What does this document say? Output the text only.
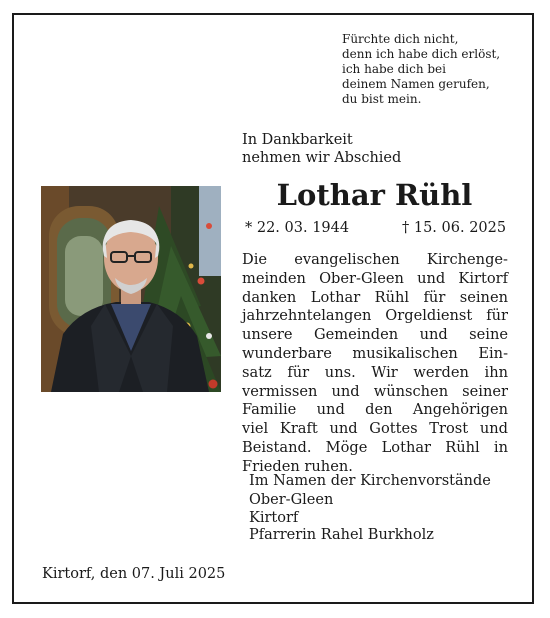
Fürchte dich nicht,
denn ich habe dich erlöst,
ich habe dich bei
deinem Namen gerufen,
du bist mein.

In Dankbarkeit
nehmen wir Abschied

Lothar Rühl
* 22. 03. 1944	† 15. 06. 2025

Die evangelischen Kirchenge-
meinden Ober-Gleen und Kirtorf
danken Lothar Rühl für seinen
jahrzehntelangen Orgeldienst für
unsere Gemeinden und seine
wunderbare musikalischen Ein-
satz für uns. Wir werden ihn
vermissen und wünschen seiner
Familie und den Angehörigen
viel Kraft und Gottes Trost und
Beistand. Möge Lothar Rühl in
Frieden ruhen.

Im Namen der Kirchenvorstände

Ober-Gleen
Kirtorf
Pfarrerin Rahel Burkholz

Kirtorf, den 07. Juli 2025
